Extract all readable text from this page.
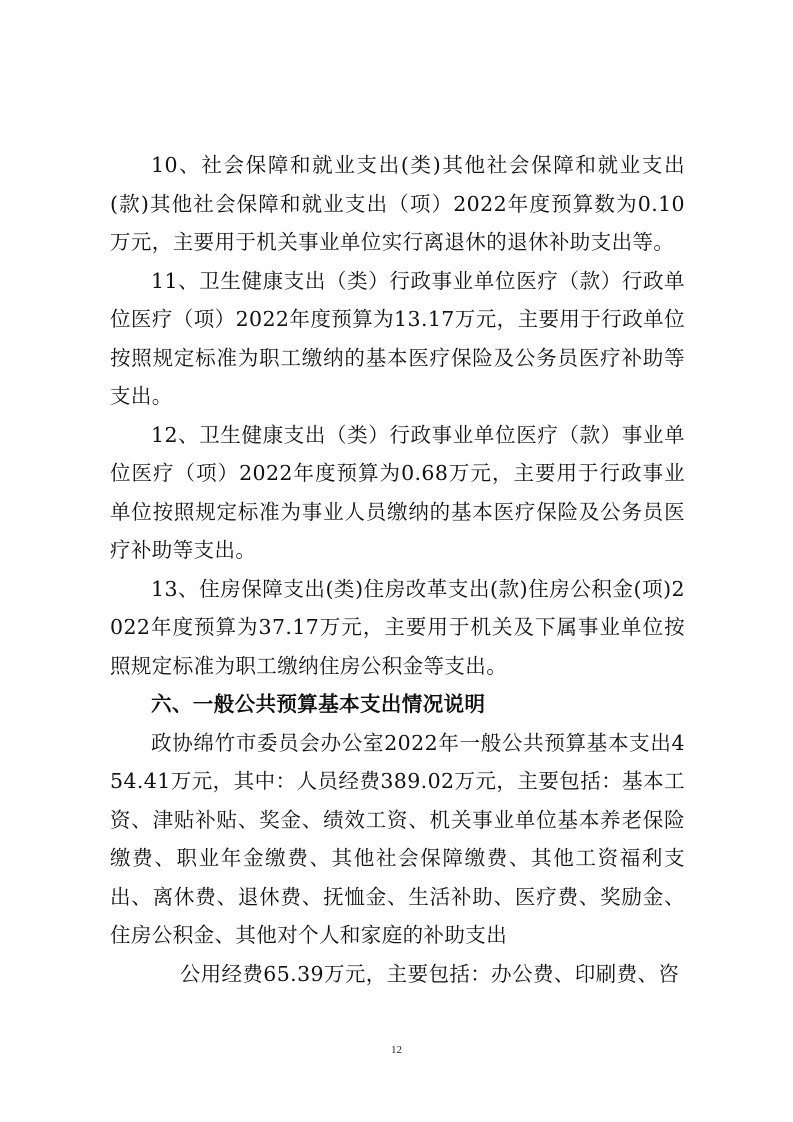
10、社会保障和就业支出(类)其他社会保障和就业支出(款)其他社会保障和就业支出（项）2022年度预算数为0.10万元，主要用于机关事业单位实行离退休的退休补助支出等。

11、卫生健康支出（类）行政事业单位医疗（款）行政单位医疗（项）2022年度预算为13.17万元，主要用于行政单位按照规定标准为职工缴纳的基本医疗保险及公务员医疗补助等支出。

12、卫生健康支出（类）行政事业单位医疗（款）事业单位医疗（项）2022年度预算为0.68万元，主要用于行政事业单位按照规定标准为事业人员缴纳的基本医疗保险及公务员医疗补助等支出。

13、住房保障支出(类)住房改革支出(款)住房公积金(项)2022年度预算为37.17万元，主要用于机关及下属事业单位按照规定标准为职工缴纳住房公积金等支出。

六、一般公共预算基本支出情况说明

政协绵竹市委员会办公室2022年一般公共预算基本支出454.41万元，其中：人员经费389.02万元，主要包括：基本工资、津贴补贴、奖金、绩效工资、机关事业单位基本养老保险缴费、职业年金缴费、其他社会保障缴费、其他工资福利支出、离休费、退休费、抚恤金、生活补助、医疗费、奖励金、住房公积金、其他对个人和家庭的补助支出

公用经费65.39万元，主要包括：办公费、印刷费、咨

12
